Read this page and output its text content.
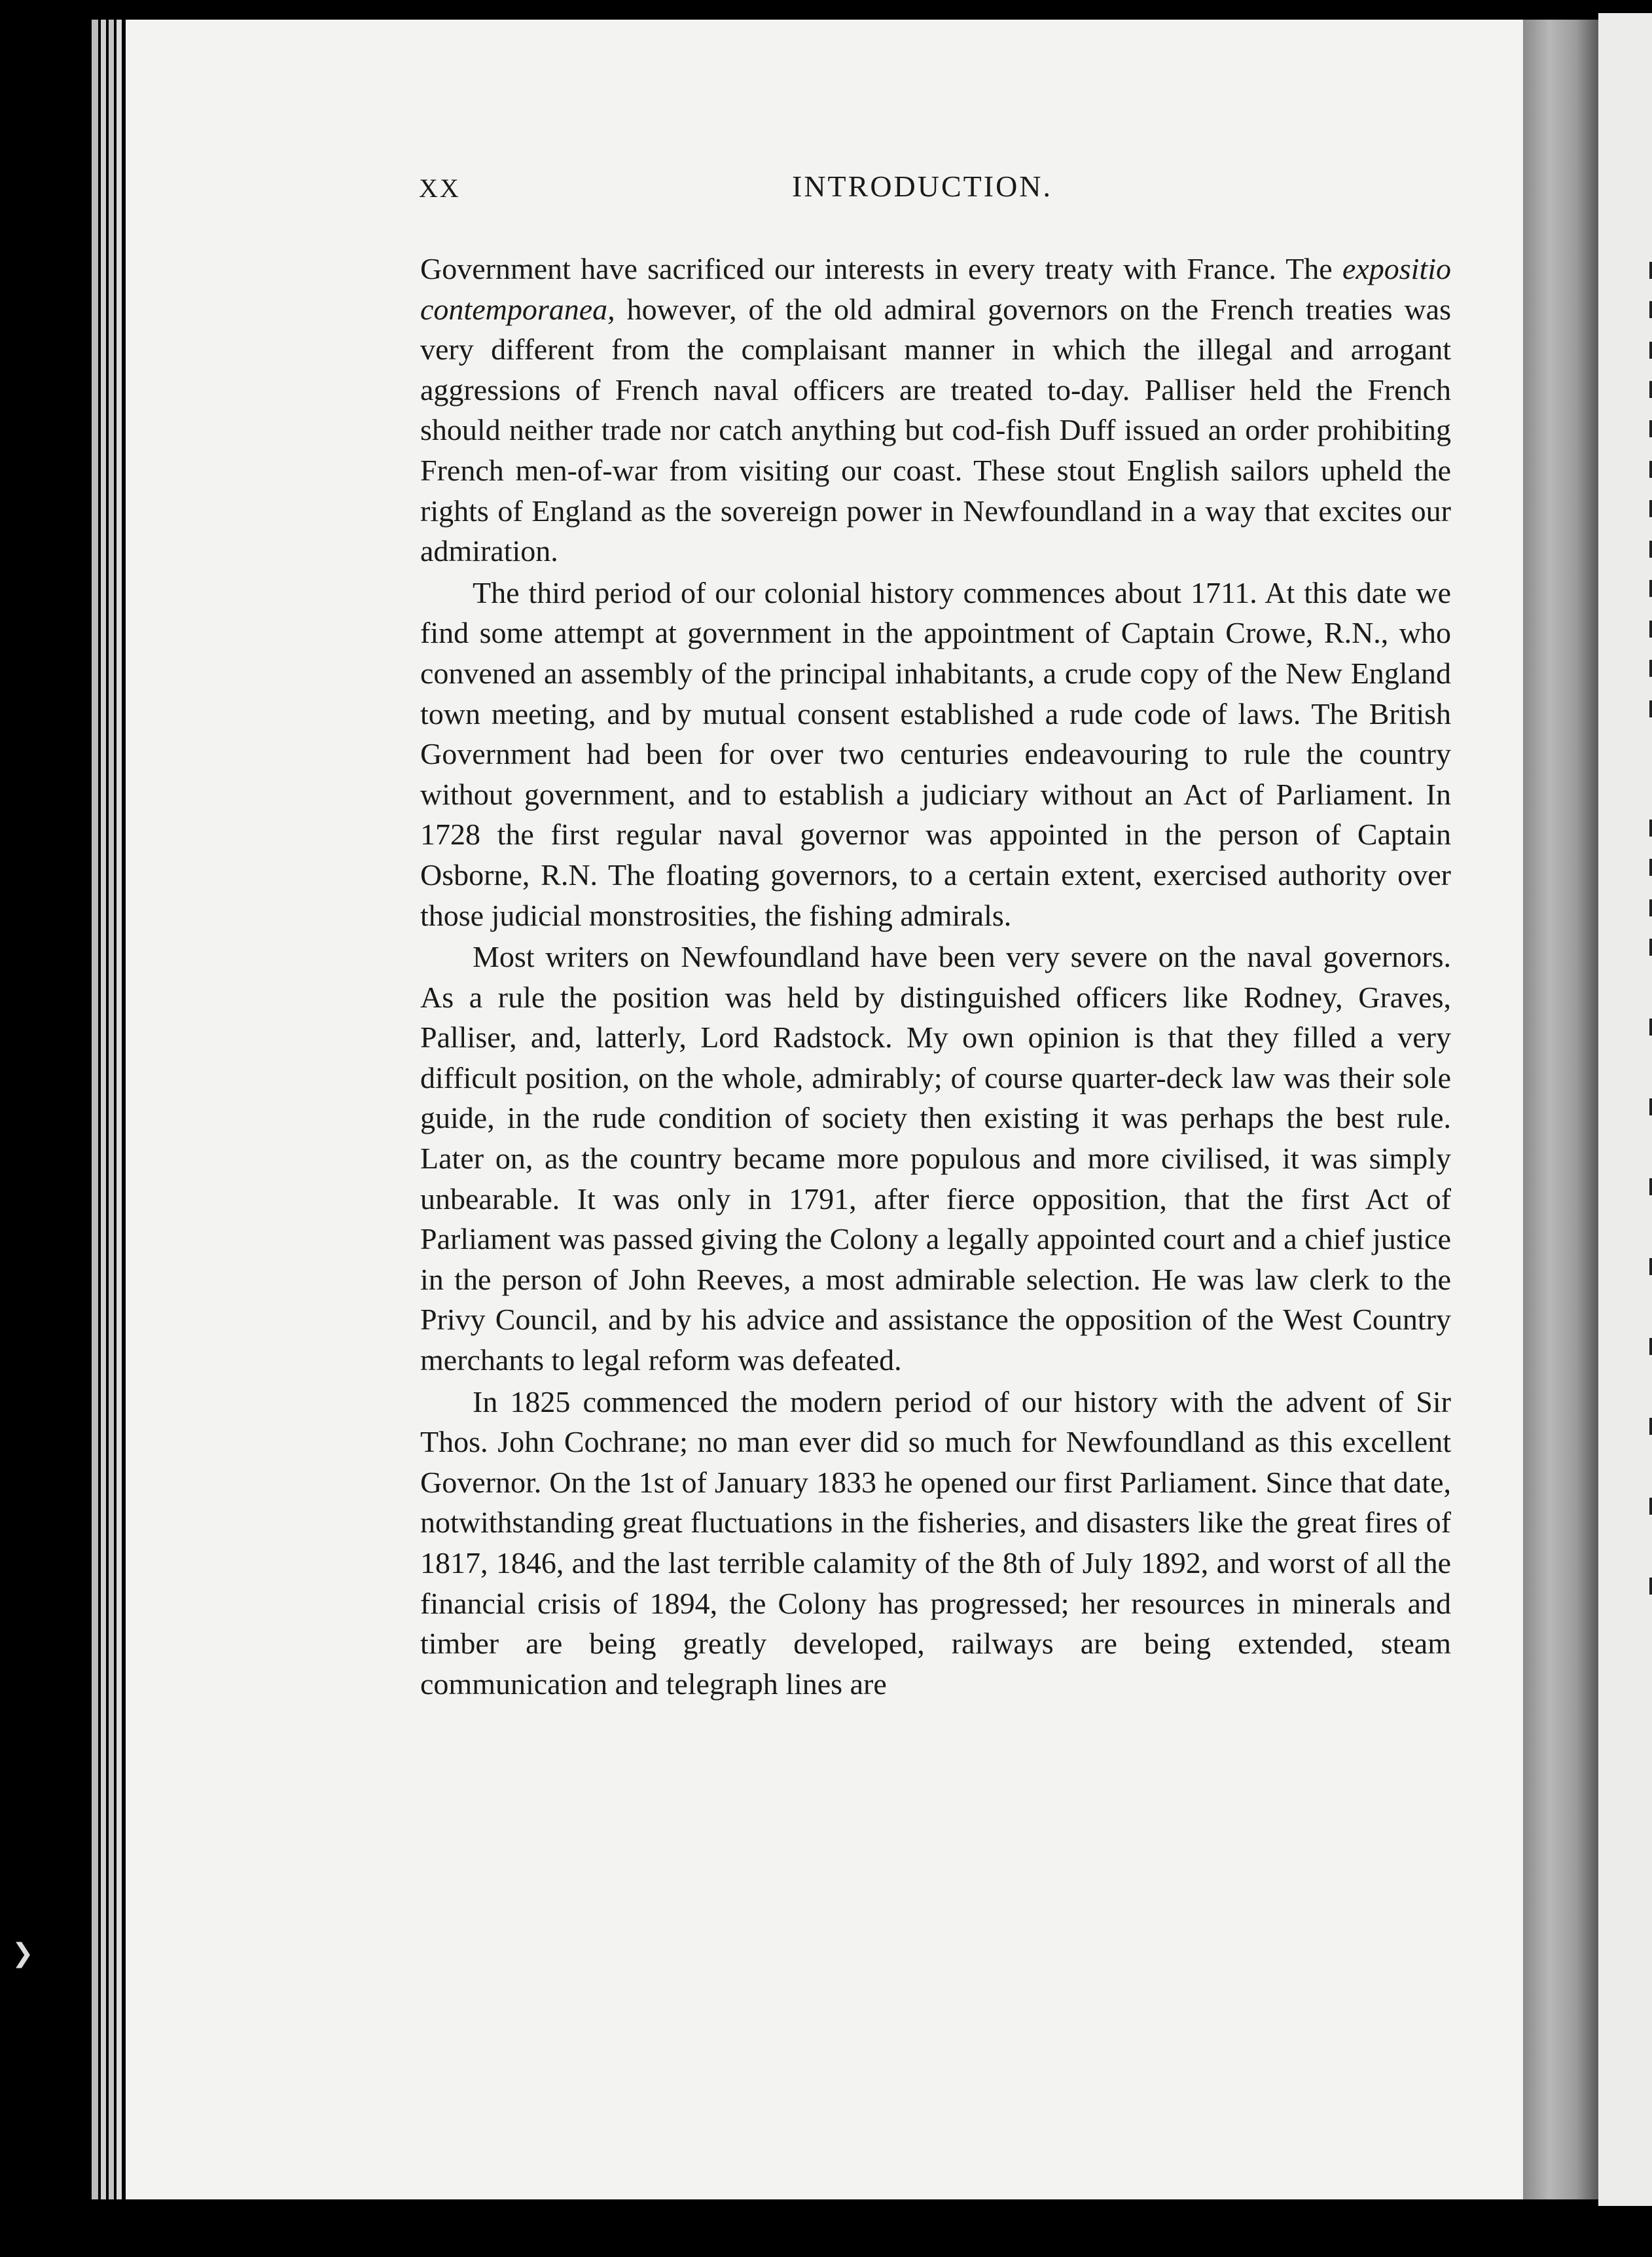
XX	INTRODUCTION.

Government have sacrificed our interests in every treaty with France. The expositio contemporanea, however, of the old admiral governors on the French treaties was very different from the complaisant manner in which the illegal and arrogant aggressions of French naval officers are treated to-day. Palliser held the French should neither trade nor catch anything but cod-fish Duff issued an order prohibiting French men-of-war from visiting our coast. These stout English sailors upheld the rights of England as the sovereign power in Newfoundland in a way that excites our admiration.

The third period of our colonial history commences about 1711. At this date we find some attempt at government in the appointment of Captain Crowe, R.N., who convened an assembly of the principal inhabitants, a crude copy of the New England town meeting, and by mutual consent established a rude code of laws. The British Government had been for over two centuries endeavouring to rule the country without government, and to establish a judiciary without an Act of Parliament. In 1728 the first regular naval governor was appointed in the person of Captain Osborne, R.N. The floating governors, to a certain extent, exercised authority over those judicial monstrosities, the fishing admirals.

Most writers on Newfoundland have been very severe on the naval governors. As a rule the position was held by distinguished officers like Rodney, Graves, Palliser, and, latterly, Lord Radstock. My own opinion is that they filled a very difficult position, on the whole, admirably; of course quarter-deck law was their sole guide, in the rude condition of society then existing it was perhaps the best rule. Later on, as the country became more populous and more civilised, it was simply unbearable. It was only in 1791, after fierce opposition, that the first Act of Parliament was passed giving the Colony a legally appointed court and a chief justice in the person of John Reeves, a most admirable selection. He was law clerk to the Privy Council, and by his advice and assistance the opposition of the West Country merchants to legal reform was defeated.

In 1825 commenced the modern period of our history with the advent of Sir Thos. John Cochrane; no man ever did so much for Newfoundland as this excellent Governor. On the 1st of January 1833 he opened our first Parliament. Since that date, notwithstanding great fluctuations in the fisheries, and disasters like the great fires of 1817, 1846, and the last terrible calamity of the 8th of July 1892, and worst of all the financial crisis of 1894, the Colony has progressed; her resources in minerals and timber are being greatly developed, railways are being extended, steam communication and telegraph lines are

❯
